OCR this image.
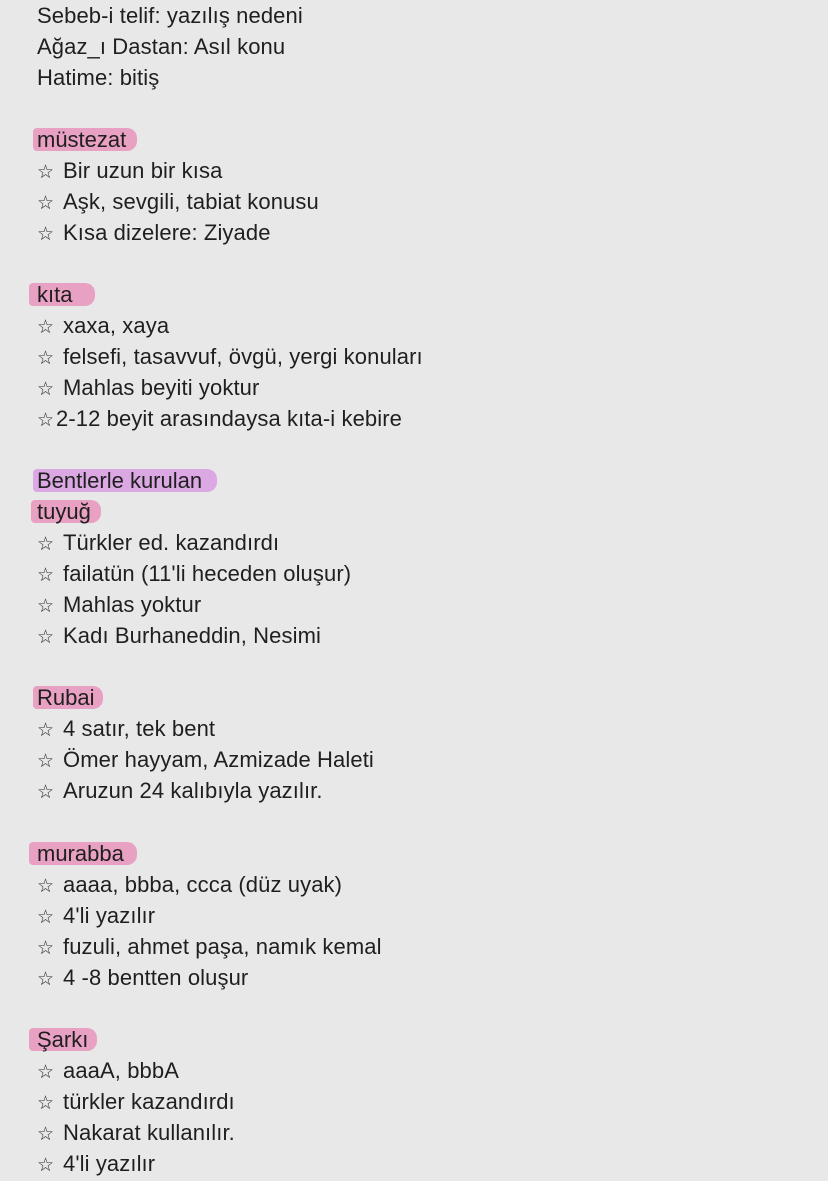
Sebeb-i telif: yazılış nedeni
Ağaz_ı Dastan: Asıl konu
Hatime: bitiş
müstezat
☆ Bir uzun bir kısa
☆ Aşk, sevgili, tabiat konusu
☆ Kısa dizelere: Ziyade
kıta
☆ xaxa, xaya
☆ felsefi, tasavvuf, övgü, yergi konuları
☆ Mahlas beyiti yoktur
☆2-12 beyit arasındaysa kıta-i kebire
Bentlerle kurulan
tuyuğ
☆ Türkler ed. kazandırdı
☆ failatün (11'li heceden oluşur)
☆ Mahlas yoktur
☆ Kadı Burhaneddin, Nesimi
Rubai
☆ 4 satır, tek bent
☆ Ömer hayyam, Azmizade Haleti
☆ Aruzun 24 kalıbıyla yazılır.
murabba
☆ aaaa, bbba, ccca (düz uyak)
☆ 4'li yazılır
☆ fuzuli, ahmet paşa, namık kemal
☆ 4 -8 bentten oluşur
Şarkı
☆ aaaA, bbbA
☆ türkler kazandırdı
☆ Nakarat kullanılır.
☆ 4'li yazılır
